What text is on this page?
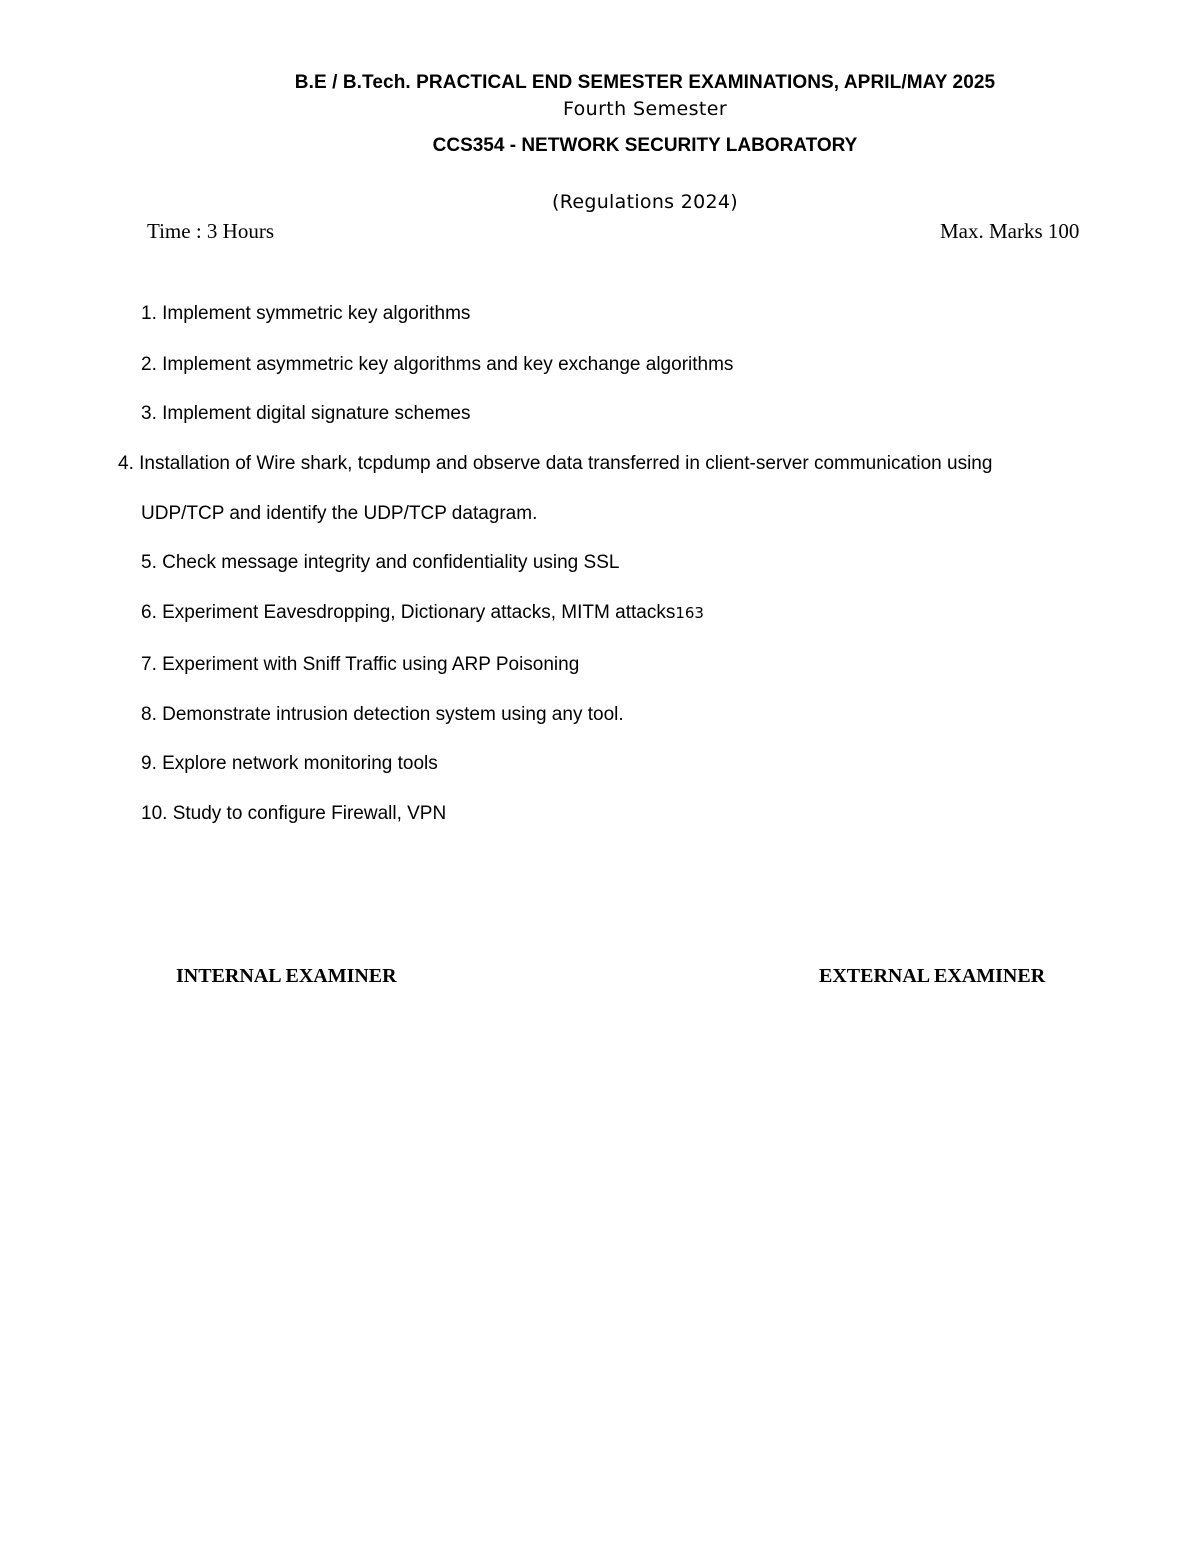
B.E / B.Tech. PRACTICAL END SEMESTER EXAMINATIONS, APRIL/MAY 2025
Fourth Semester
CCS354 - NETWORK SECURITY LABORATORY
(Regulations 2024)
Time : 3 Hours	Max. Marks 100
1. Implement symmetric key algorithms
2. Implement asymmetric key algorithms and key exchange algorithms
3. Implement digital signature schemes
4. Installation of Wire shark, tcpdump and observe data transferred in client-server communication using
UDP/TCP and identify the UDP/TCP datagram.
5. Check message integrity and confidentiality using SSL
6. Experiment Eavesdropping, Dictionary attacks, MITM attacks163
7. Experiment with Sniff Traffic using ARP Poisoning
8. Demonstrate intrusion detection system using any tool.
9. Explore network monitoring tools
10. Study to configure Firewall, VPN
INTERNAL EXAMINER	EXTERNAL EXAMINER
